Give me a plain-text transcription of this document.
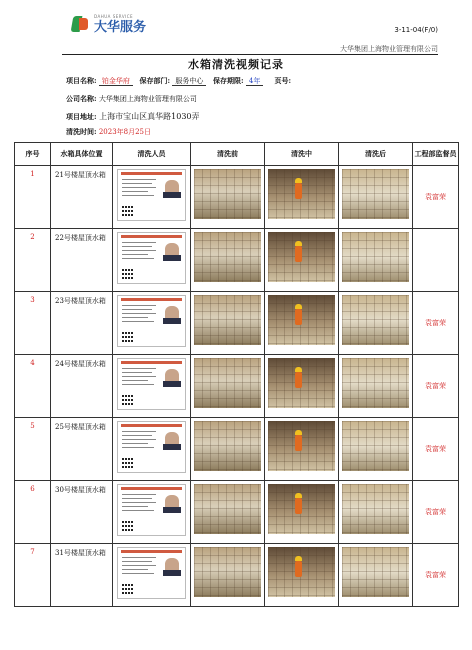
DAHUA SERVICE
大华服务	3-11-04(F/0)
大华集团上海物业管理有限公司
水箱清洗视频记录
项目名称: 铂金华府 保存部门: 服务中心 保存期限: 4年 页号:
公司名称: 大华集团上海物业管理有限公司
项目地址: 上海市宝山区真华路1030弄
清洗时间: 2023年8月25日
序号	水箱具体位置	清洗人员	清洗前	清洗中	清洗后	工程部监督员
1	21号楼屋顶水箱					袁富荣
2	22号楼屋顶水箱	

3	23号楼屋顶水箱					袁富荣
4	24号楼屋顶水箱					袁富荣
5	25号楼屋顶水箱					袁富荣
6	30号楼屋顶水箱					袁富荣
7	31号楼屋顶水箱					袁富荣
